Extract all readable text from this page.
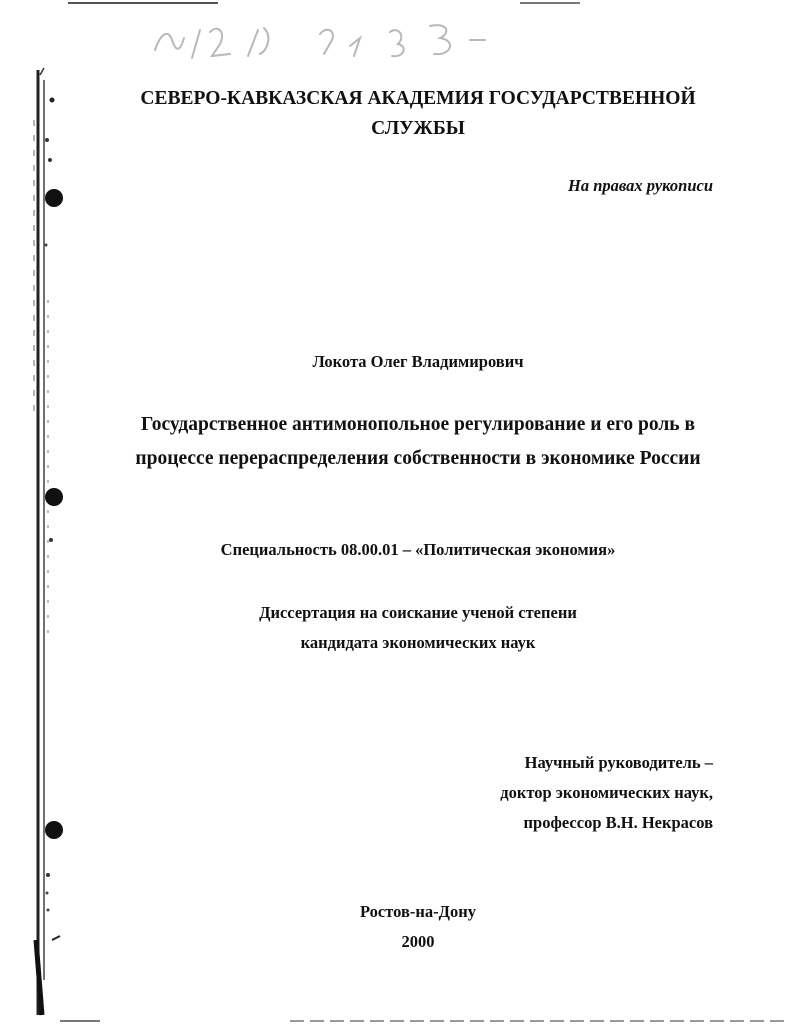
СЕВЕРО-КАВКАЗСКАЯ АКАДЕМИЯ ГОСУДАРСТВЕННОЙ
СЛУЖБЫ
На правах рукописи
Локота Олег Владимирович
Государственное антимонопольное регулирование и его роль в
процессе перераспределения собственности в экономике России
Специальность 08.00.01 – «Политическая экономия»
Диссертация на соискание ученой степени
кандидата экономических наук
Научный руководитель –
доктор экономических наук,
профессор В.Н. Некрасов
Ростов-на-Дону
2000
